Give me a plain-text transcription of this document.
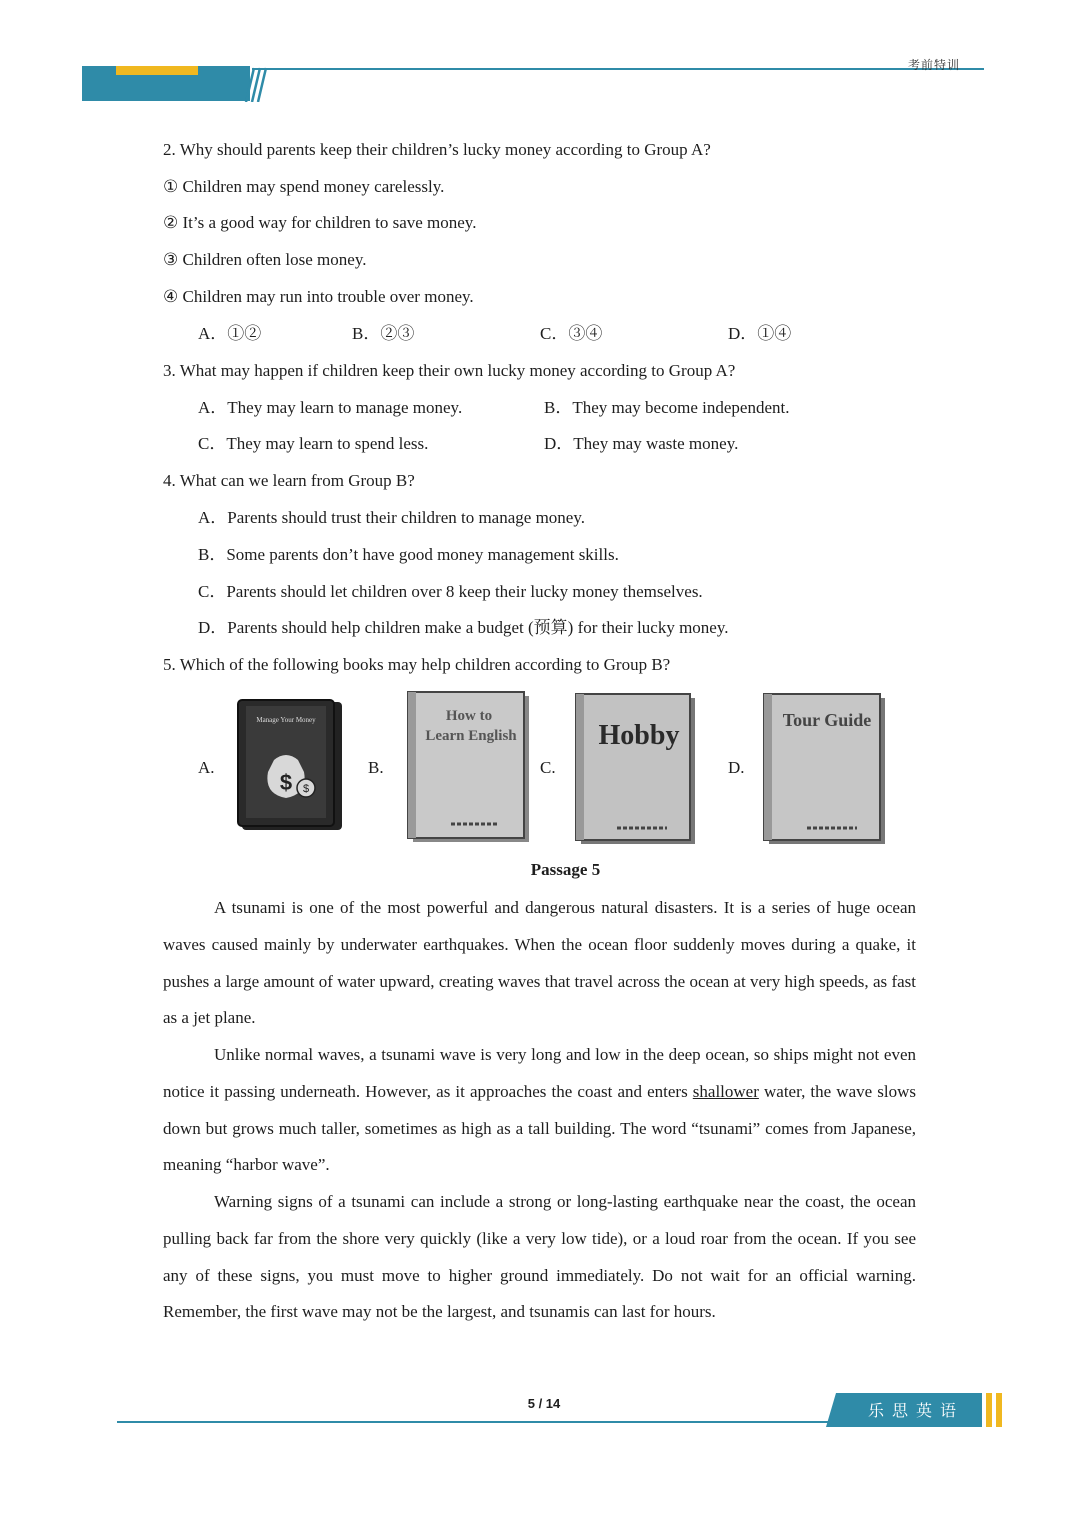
考前特训
2. Why should parents keep their children’s lucky money according to Group A?
① Children may spend money carelessly.
② It’s a good way for children to save money.
③ Children often lose money.
④ Children may run into trouble over money.
A．①②	B．②③	C．③④	D．①④
3. What may happen if children keep their own lucky money according to Group A?
A．They may learn to manage money.	B．They may become independent.
C．They may learn to spend less.	D．They may waste money.
4. What can we learn from Group B?
A．Parents should trust their children to manage money.
B．Some parents don’t have good money management skills.
C．Parents should let children over 8 keep their lucky money themselves.
D．Parents should help children make a budget (预算) for their lucky money.
5. Which of the following books may help children according to Group B?
A.
Manage Your Money
$ $
B.
How to
Learn English
How to Learn English
C.
Hobby
D.
Tour Guide
Passage 5
A tsunami is one of the most powerful and dangerous natural disasters. It is a series of huge ocean waves caused mainly by underwater earthquakes. When the ocean floor suddenly moves during a quake, it pushes a large amount of water upward, creating waves that travel across the ocean at very high speeds, as fast as a jet plane.
Unlike normal waves, a tsunami wave is very long and low in the deep ocean, so ships might not even notice it passing underneath. However, as it approaches the coast and enters shallower water, the wave slows down but grows much taller, sometimes as high as a tall building. The word “tsunami” comes from Japanese, meaning “harbor wave”.
Warning signs of a tsunami can include a strong or long-lasting earthquake near the coast, the ocean pulling back far from the shore very quickly (like a very low tide), or a loud roar from the ocean. If you see any of these signs, you must move to higher ground immediately. Do not wait for an official warning. Remember, the first wave may not be the largest, and tsunamis can last for hours.
5 / 14	乐思英语
